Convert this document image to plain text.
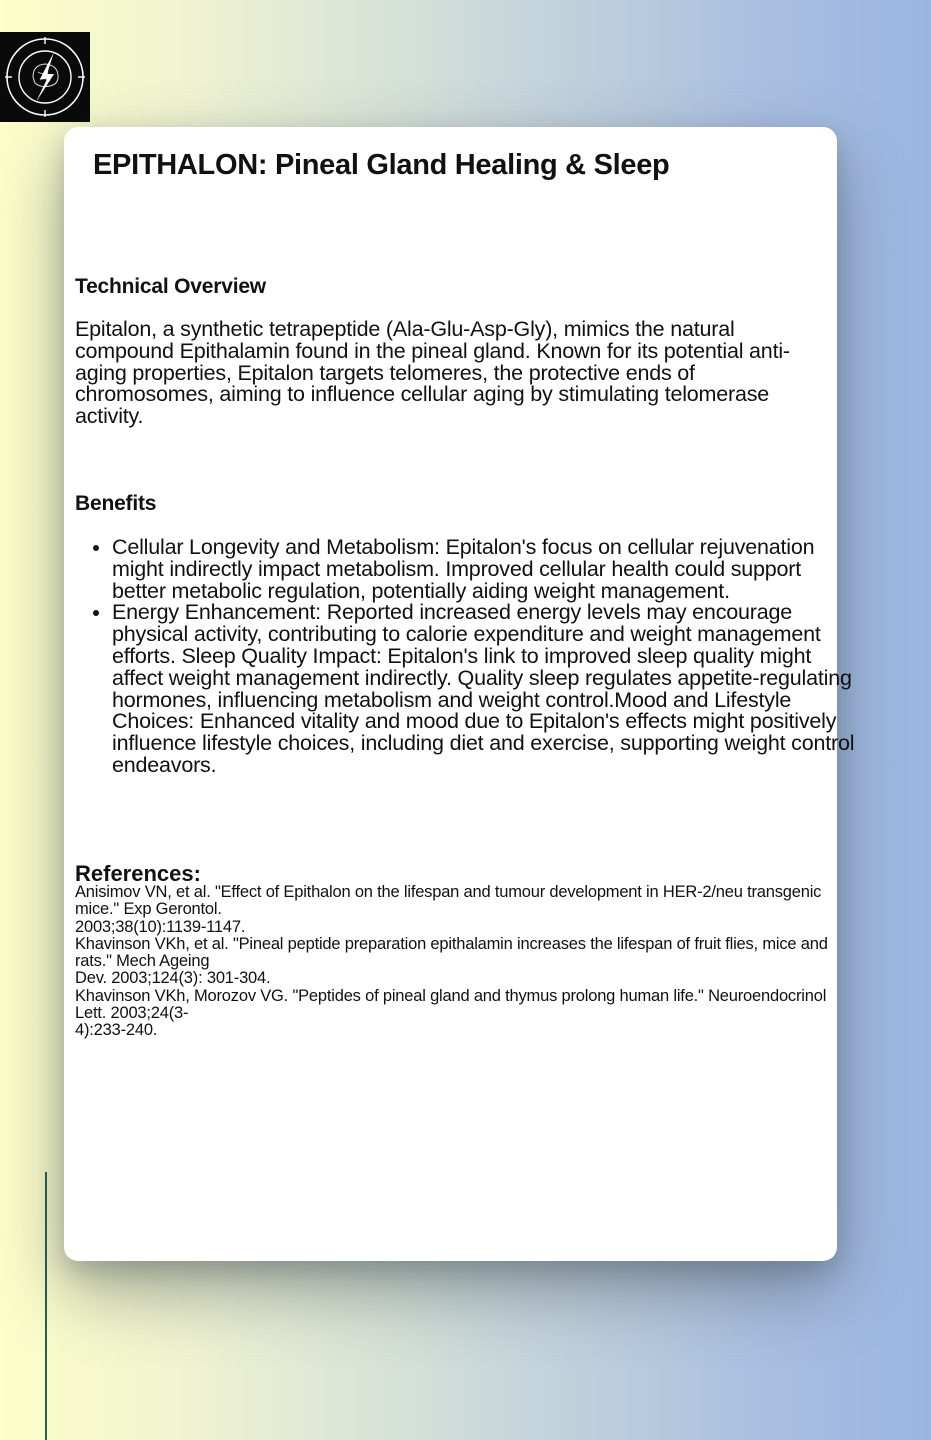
EPITHALON: Pineal Gland Healing & Sleep
Technical Overview

Epitalon, a synthetic tetrapeptide (Ala-Glu-Asp-Gly), mimics the natural compound Epithalamin found in the pineal gland. Known for its potential anti-aging properties, Epitalon targets telomeres, the protective ends of chromosomes, aiming to influence cellular aging by stimulating telomerase activity.

Benefits
• Cellular Longevity and Metabolism: Epitalon's focus on cellular rejuvenation might indirectly impact metabolism. Improved cellular health could support better metabolic regulation, potentially aiding weight management.
• Energy Enhancement: Reported increased energy levels may encourage physical activity, contributing to calorie expenditure and weight management efforts. Sleep Quality Impact: Epitalon's link to improved sleep quality might affect weight management indirectly. Quality sleep regulates appetite-regulating hormones, influencing metabolism and weight control.Mood and Lifestyle Choices: Enhanced vitality and mood due to Epitalon's effects might positively influence lifestyle choices, including diet and exercise, supporting weight control endeavors.
References:
Anisimov VN, et al. "Effect of Epithalon on the lifespan and tumour development in HER-2/neu transgenic mice." Exp Gerontol.
2003;38(10):1139-1147.
Khavinson VKh, et al. "Pineal peptide preparation epithalamin increases the lifespan of fruit flies, mice and rats." Mech Ageing
Dev. 2003;124(3): 301-304.
Khavinson VKh, Morozov VG. "Peptides of pineal gland and thymus prolong human life." Neuroendocrinol Lett. 2003;24(3-
4):233-240.
